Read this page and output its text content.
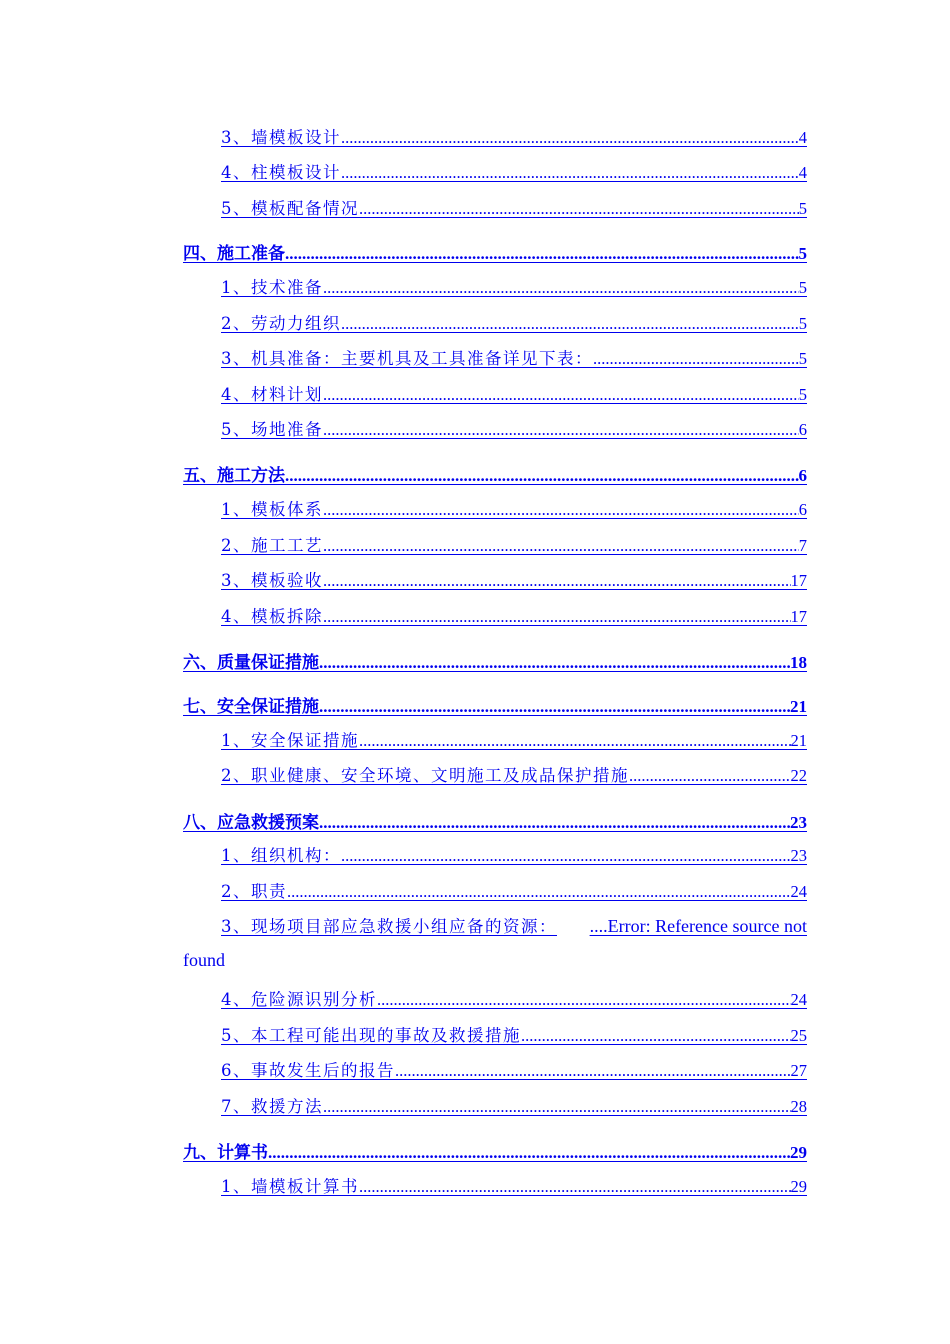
3、墙模板设计 .....	4
4、柱模板设计 .....	4
5、模板配备情况 .....	5
四、施工准备 .....	5
1、技术准备 .....	5
2、劳动力组织 .....	5
3、机具准备：主要机具及工具准备详见下表： .....	5
4、材料计划 .....	5
5、场地准备 .....	6
五、施工方法 .....	6
1、模板体系 .....	6
2、施工工艺 .....	7
3、模板验收 .....	17
4、模板拆除 .....	17
六、质量保证措施 .....	18
七、安全保证措施 .....	21
1、安全保证措施 .....	21
2、职业健康、安全环境、文明施工及成品保护措施 .....	22
八、应急救援预案 .....	23
1、组织机构： .....	23
2、职责 .....	24
3、现场项目部应急救援小组应备的资源： ....Error: Reference source not
found
4、危险源识别分析 .....	24
5、本工程可能出现的事故及救援措施 .....	25
6、事故发生后的报告 .....	27
7、救援方法 .....	28
九、计算书 .....	29
1、墙模板计算书 .....	29
